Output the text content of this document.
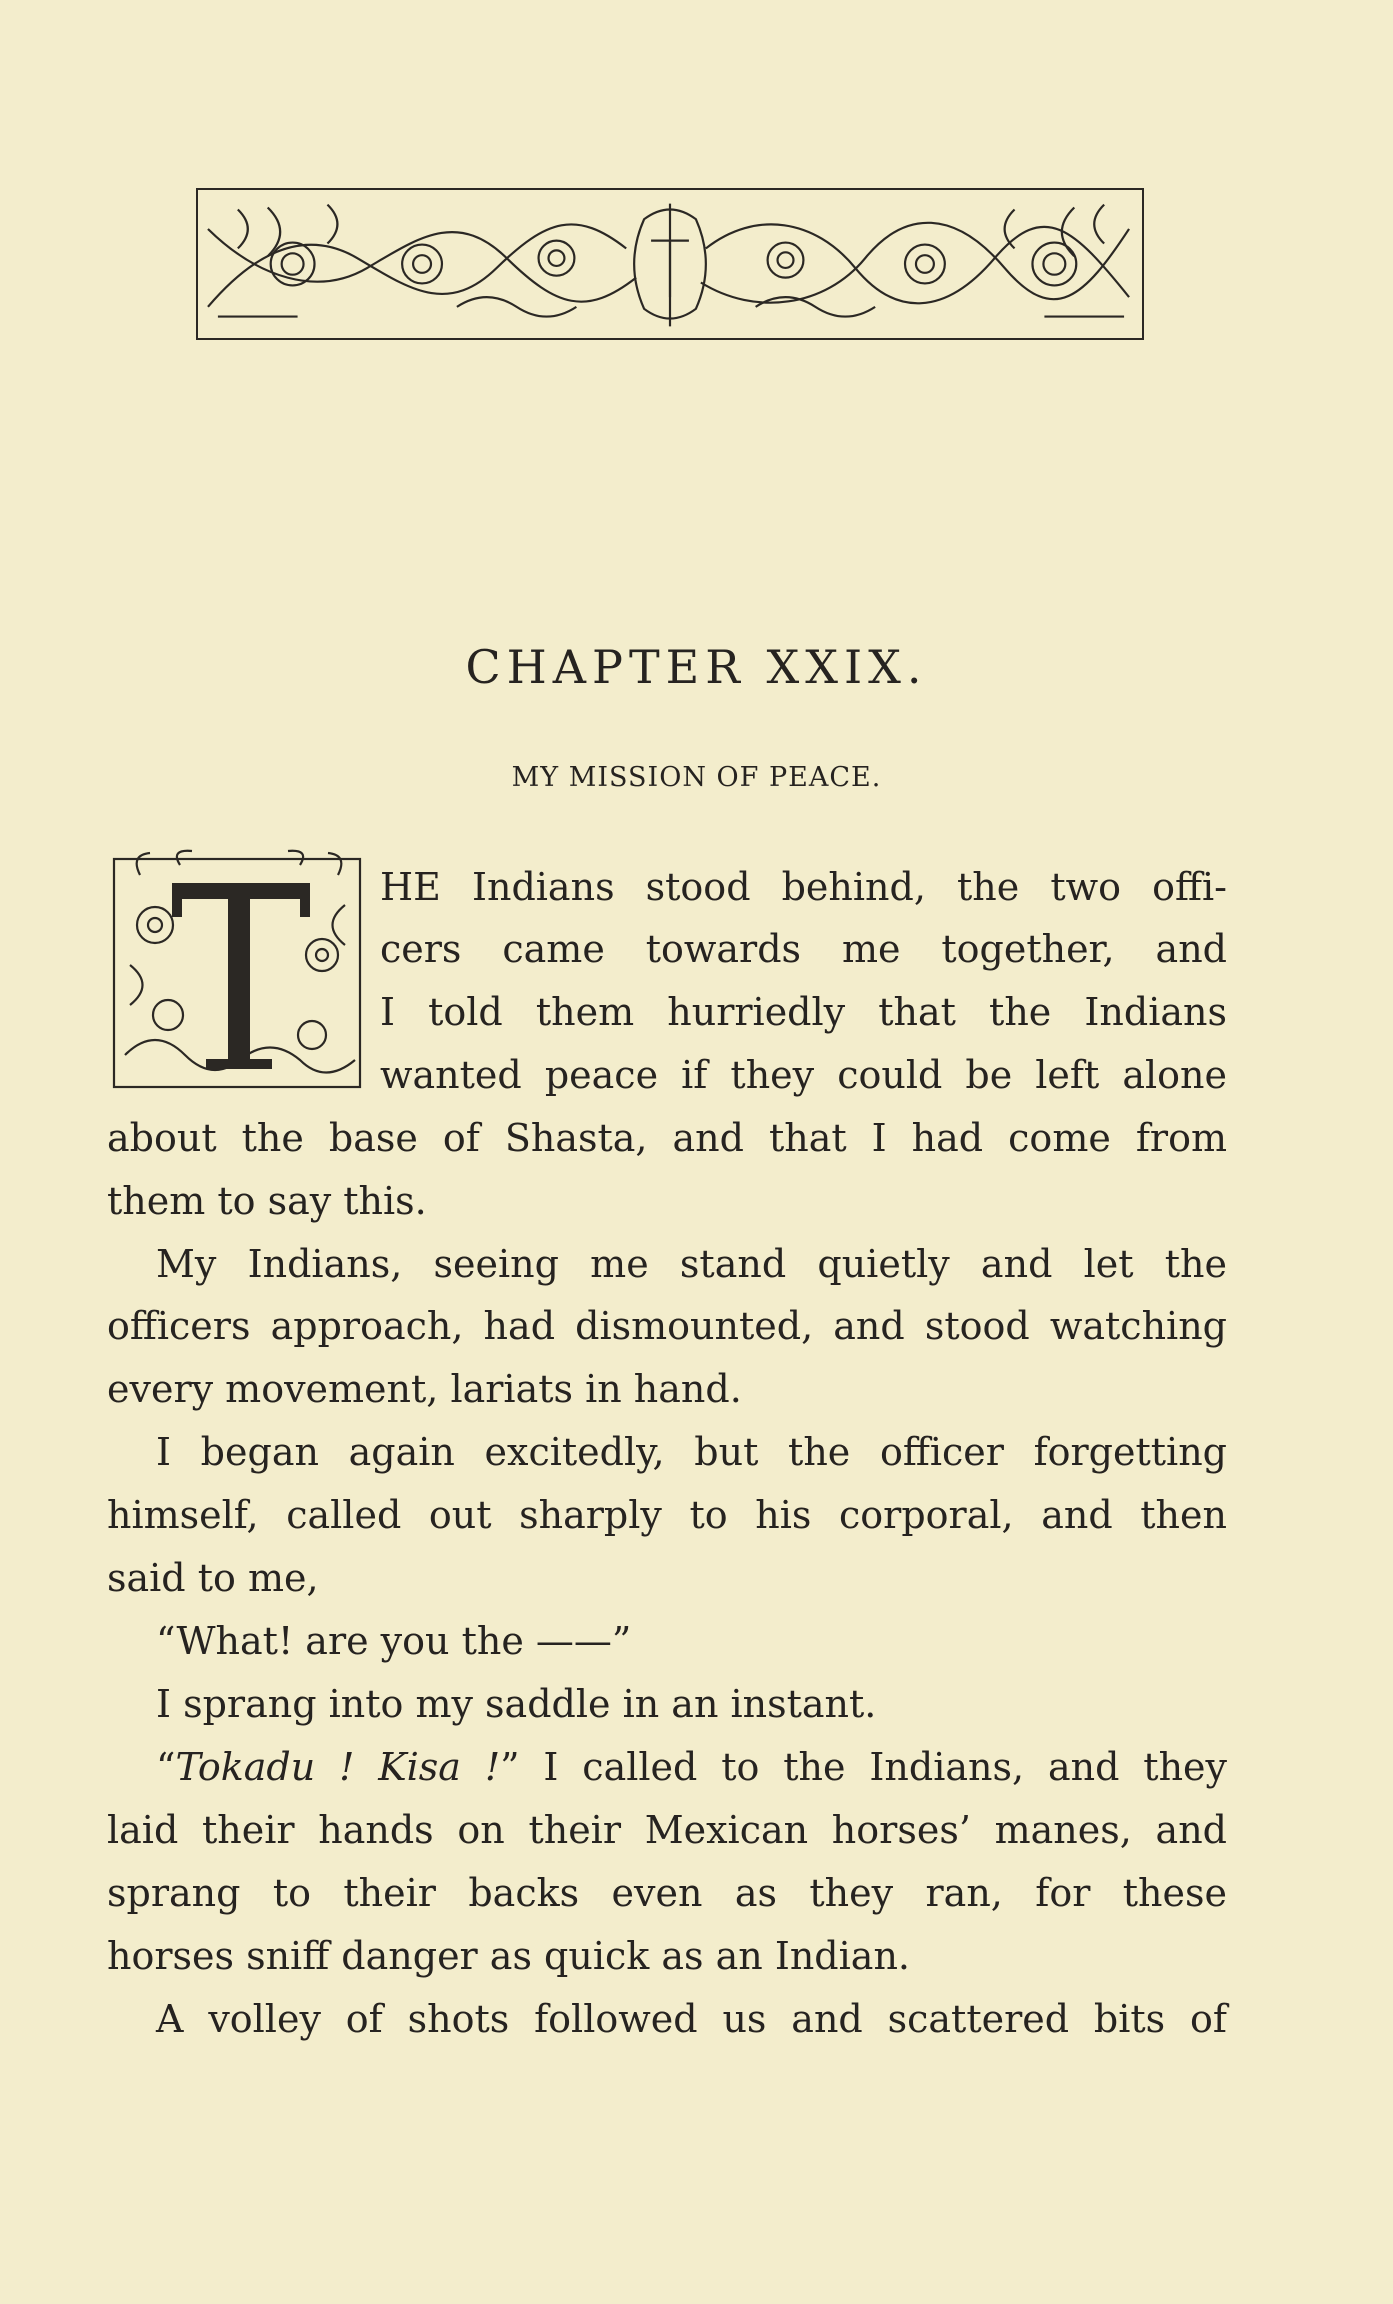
CHAPTER XXIX.
MY MISSION OF PEACE.
HE Indians stood behind, the two offi-
cers came towards me together, and
I told them hurriedly that the Indians
wanted peace if they could be left alone
about the base of Shasta, and that I had come from
them to say this.
My Indians, seeing me stand quietly and let the
officers approach, had dismounted, and stood watching
every movement, lariats in hand.
I began again excitedly, but the officer forgetting
himself, called out sharply to his corporal, and then
said to me,
“What! are you the ——”
I sprang into my saddle in an instant.
“Tokadu ! Kisa !” I called to the Indians, and they
laid their hands on their Mexican horses’ manes, and
sprang to their backs even as they ran, for these
horses sniff danger as quick as an Indian.
A volley of shots followed us and scattered bits of
